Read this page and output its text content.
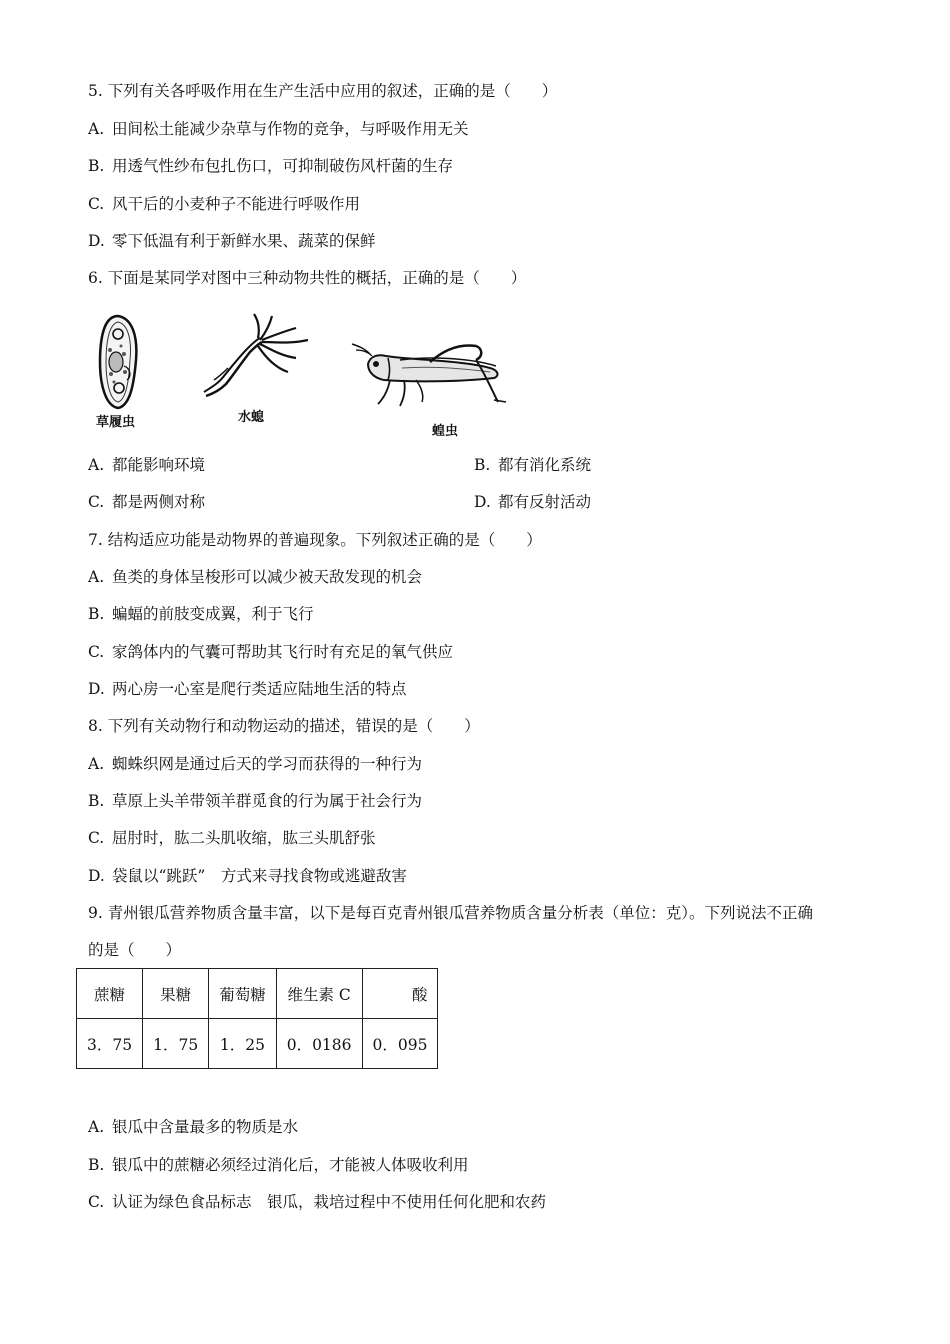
5. 下列有关各呼吸作用在生产生活中应用的叙述，正确的是（　　）
A. 田间松土能减少杂草与作物的竞争，与呼吸作用无关
B. 用透气性纱布包扎伤口，可抑制破伤风杆菌的生存
C. 风干后的小麦种子不能进行呼吸作用
D. 零下低温有利于新鲜水果、蔬菜的保鲜
6. 下面是某同学对图中三种动物共性的概括，正确的是（　　）
草履虫	水螅
蝗虫
A. 都能影响环境	B. 都有消化系统
C. 都是两侧对称	D. 都有反射活动
7. 结构适应功能是动物界的普遍现象。下列叙述正确的是（　　）
A. 鱼类的身体呈梭形可以减少被天敌发现的机会
B. 蝙蝠的前肢变成翼，利于飞行
C. 家鸽体内的气囊可帮助其飞行时有充足的氧气供应
D. 两心房一心室是爬行类适应陆地生活的特点
8. 下列有关动物行和动物运动的描述，错误的是（　　）
A. 蜘蛛织网是通过后天的学习而获得的一种行为
B. 草原上头羊带领羊群觅食的行为属于社会行为
C. 屈肘时，肱二头肌收缩，肱三头肌舒张
D. 袋鼠以“跳跃”　方式来寻找食物或逃避敌害
9. 青州银瓜营养物质含量丰富，以下是每百克青州银瓜营养物质含量分析表（单位：克）。下列说法不正确
的是（　　）
蔗糖	果糖	葡萄糖	维生素 C	酸
3．75	1．75	1．25	0．0186	0．095
A. 银瓜中含量最多的物质是水
B. 银瓜中的蔗糖必须经过消化后，才能被人体吸收利用
C. 认证为绿色食品标志　银瓜，栽培过程中不使用任何化肥和农药
